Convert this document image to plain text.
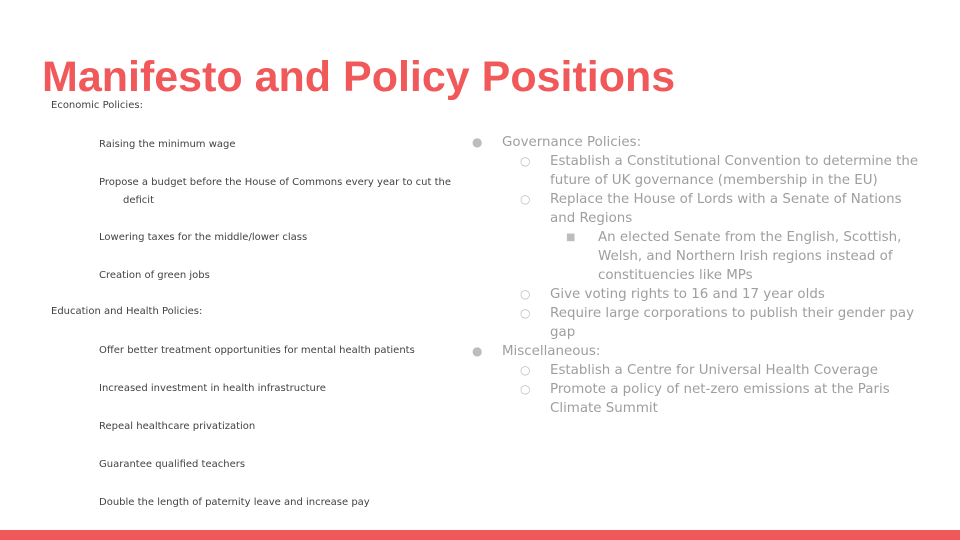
Manifesto and Policy Positions
Economic Policies:
Raising the minimum wage
Propose a budget before the House of Commons every year to cut the
deficit
Lowering taxes for the middle/lower class
Creation of green jobs
Education and Health Policies:
Offer better treatment opportunities for mental health patients
Increased investment in health infrastructure
Repeal healthcare privatization
Guarantee qualified teachers
Double the length of paternity leave and increase pay
● Governance Policies:
○ Establish a Constitutional Convention to determine the future of UK governance (membership in the EU)
○ Replace the House of Lords with a Senate of Nations and Regions
■ An elected Senate from the English, Scottish, Welsh, and Northern Irish regions instead of constituencies like MPs
○ Give voting rights to 16 and 17 year olds
○ Require large corporations to publish their gender pay gap
● Miscellaneous:
○ Establish a Centre for Universal Health Coverage
○ Promote a policy of net-zero emissions at the Paris Climate Summit
